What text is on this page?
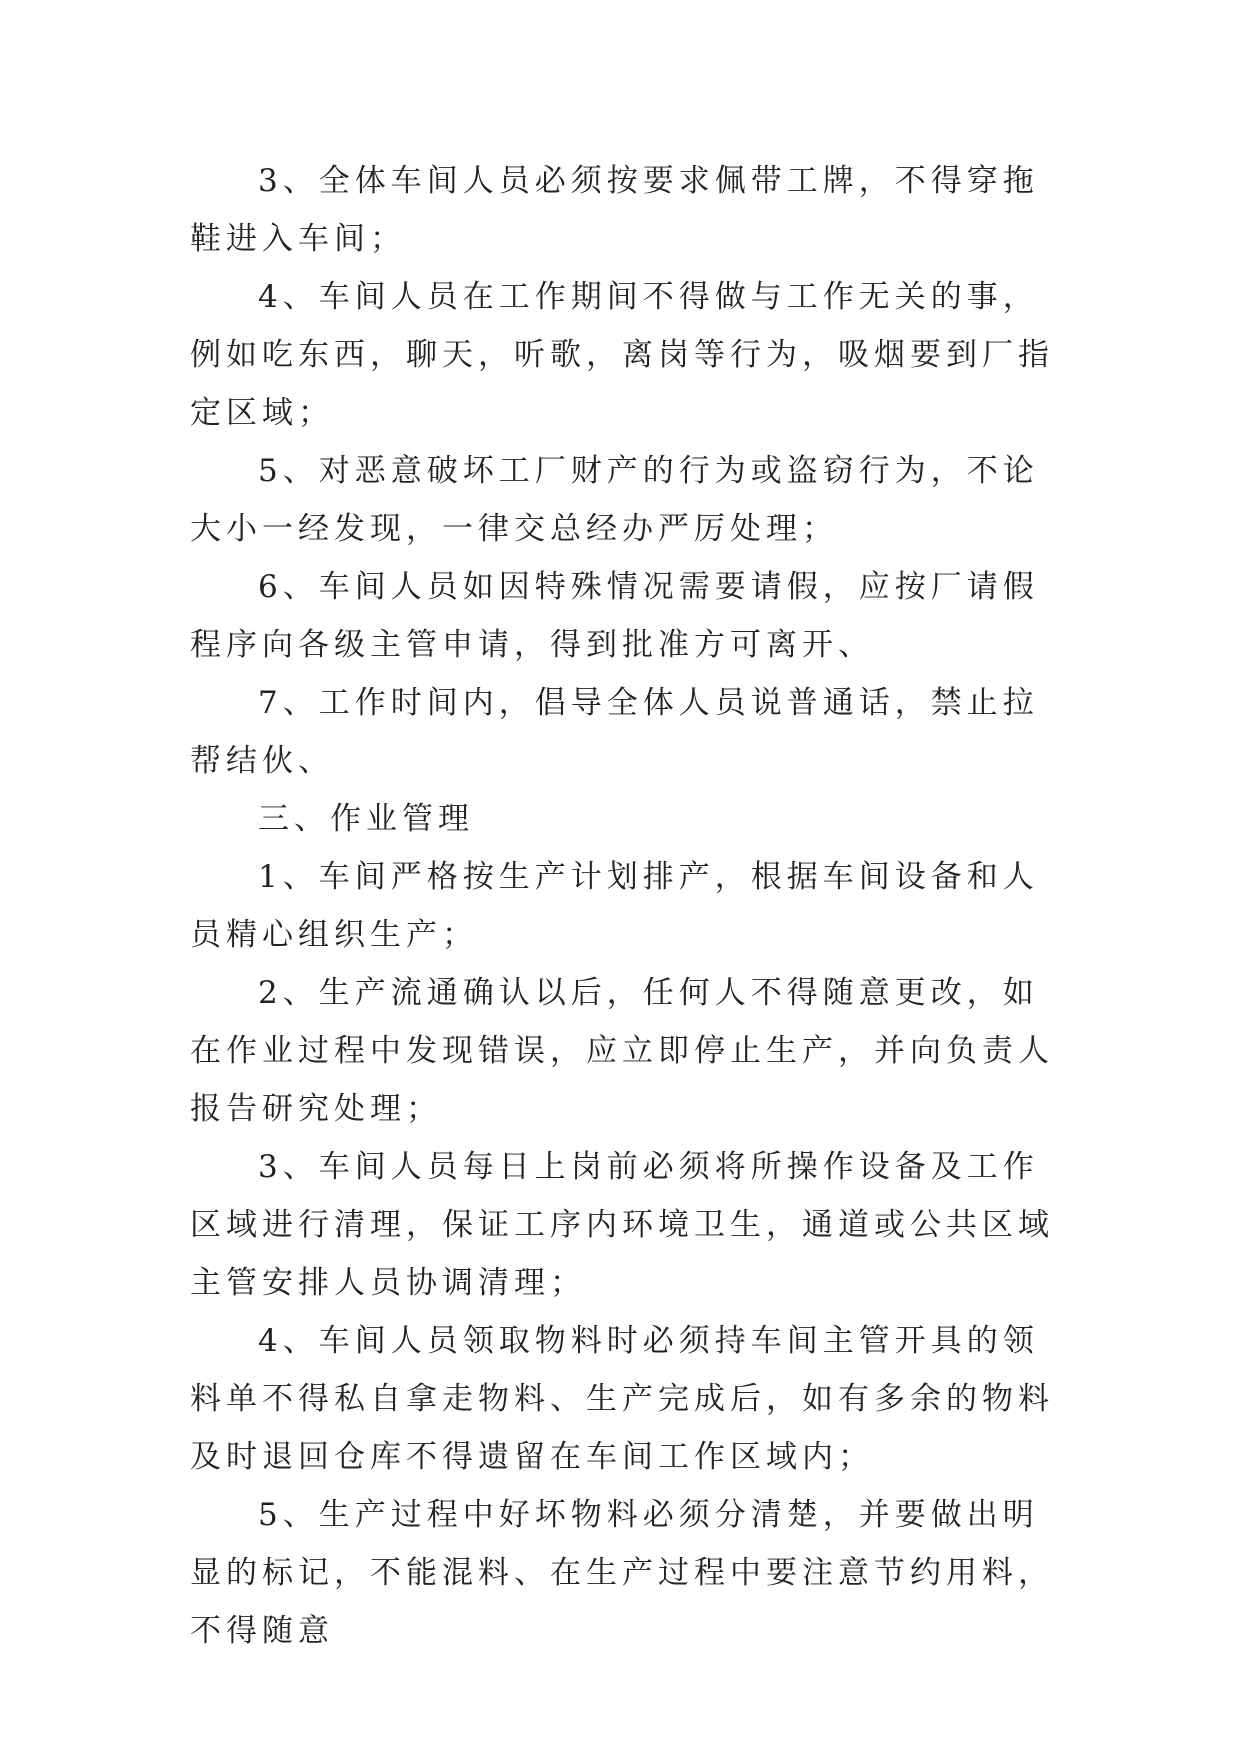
3、全体车间人员必须按要求佩带工牌，不得穿拖鞋进入车间；

4、车间人员在工作期间不得做与工作无关的事，例如吃东西，聊天，听歌，离岗等行为，吸烟要到厂指定区域；

5、对恶意破坏工厂财产的行为或盗窃行为，不论大小一经发现，一律交总经办严厉处理；

6、车间人员如因特殊情况需要请假，应按厂请假程序向各级主管申请，得到批准方可离开、

7、工作时间内，倡导全体人员说普通话，禁止拉帮结伙、

三、作业管理

1、车间严格按生产计划排产，根据车间设备和人员精心组织生产；

2、生产流通确认以后，任何人不得随意更改，如在作业过程中发现错误，应立即停止生产，并向负责人报告研究处理；

3、车间人员每日上岗前必须将所操作设备及工作区域进行清理，保证工序内环境卫生，通道或公共区域主管安排人员协调清理；

4、车间人员领取物料时必须持车间主管开具的领料单不得私自拿走物料、生产完成后，如有多余的物料及时退回仓库不得遗留在车间工作区域内；

5、生产过程中好坏物料必须分清楚，并要做出明显的标记，不能混料、在生产过程中要注意节约用料，不得随意
